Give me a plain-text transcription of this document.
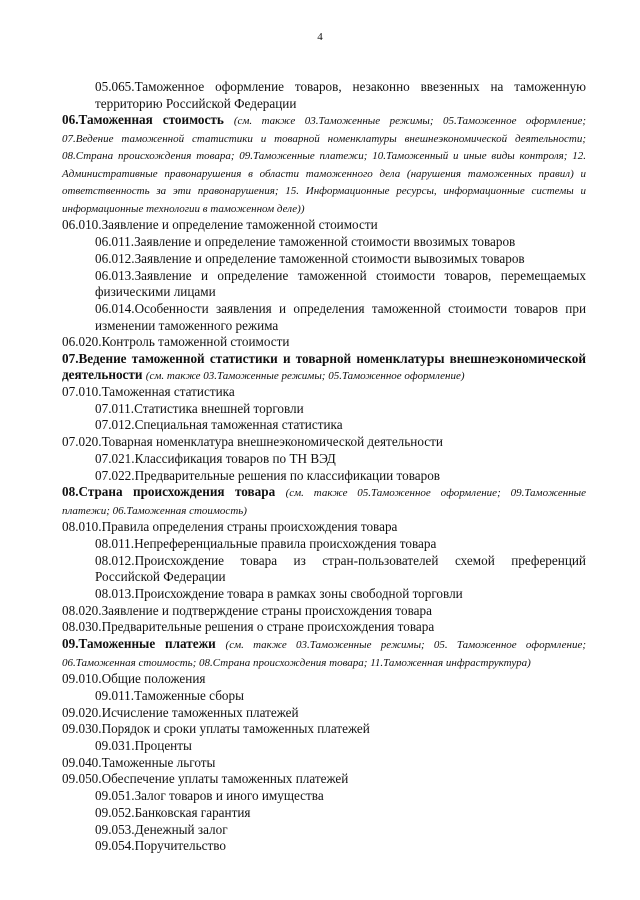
4

05.065.Таможенное оформление товаров, незаконно ввезенных на таможенную территорию Российской Федерации

06.Таможенная стоимость (см. также 03.Таможенные режимы; 05.Таможенное оформление; 07.Ведение таможенной статистики и товарной номенклатуры внешнеэкономической деятельности; 08.Страна происхождения товара; 09.Таможенные платежи; 10.Таможенный и иные виды контроля; 12. Административные правонарушения в области таможенного дела (нарушения таможенных правил) и ответственность за эти правонарушения; 15. Информационные ресурсы, информационные системы и информационные технологии в таможенном деле))

06.010.Заявление и определение таможенной стоимости

06.011.Заявление и определение таможенной стоимости ввозимых товаров

06.012.Заявление и определение таможенной стоимости вывозимых товаров

06.013.Заявление и определение таможенной стоимости товаров, перемещаемых физическими лицами

06.014.Особенности заявления и определения таможенной стоимости товаров при изменении таможенного режима

06.020.Контроль таможенной стоимости

07.Ведение таможенной статистики и товарной номенклатуры внешнеэкономической деятельности (см. также 03.Таможенные режимы; 05.Таможенное оформление)

07.010.Таможенная статистика

07.011.Статистика внешней торговли

07.012.Специальная таможенная статистика

07.020.Товарная номенклатура внешнеэкономической деятельности

07.021.Классификация товаров по ТН ВЭД

07.022.Предварительные решения по классификации товаров

08.Страна происхождения товара (см. также 05.Таможенное оформление; 09.Таможенные платежи; 06.Таможенная стоимость)

08.010.Правила определения страны происхождения товара

08.011.Непреференциальные правила происхождения товара

08.012.Происхождение товара из стран-пользователей схемой преференций Российской Федерации

08.013.Происхождение товара в рамках зоны свободной торговли

08.020.Заявление и подтверждение страны происхождения товара

08.030.Предварительные решения о стране происхождения товара

09.Таможенные платежи (см. также 03.Таможенные режимы; 05. Таможенное оформление; 06.Таможенная стоимость; 08.Страна происхождения товара; 11.Таможенная инфраструктура)

09.010.Общие положения

09.011.Таможенные сборы

09.020.Исчисление таможенных платежей

09.030.Порядок и сроки уплаты таможенных платежей

09.031.Проценты

09.040.Таможенные льготы

09.050.Обеспечение уплаты таможенных платежей

09.051.Залог товаров и иного имущества

09.052.Банковская гарантия

09.053.Денежный залог

09.054.Поручительство
